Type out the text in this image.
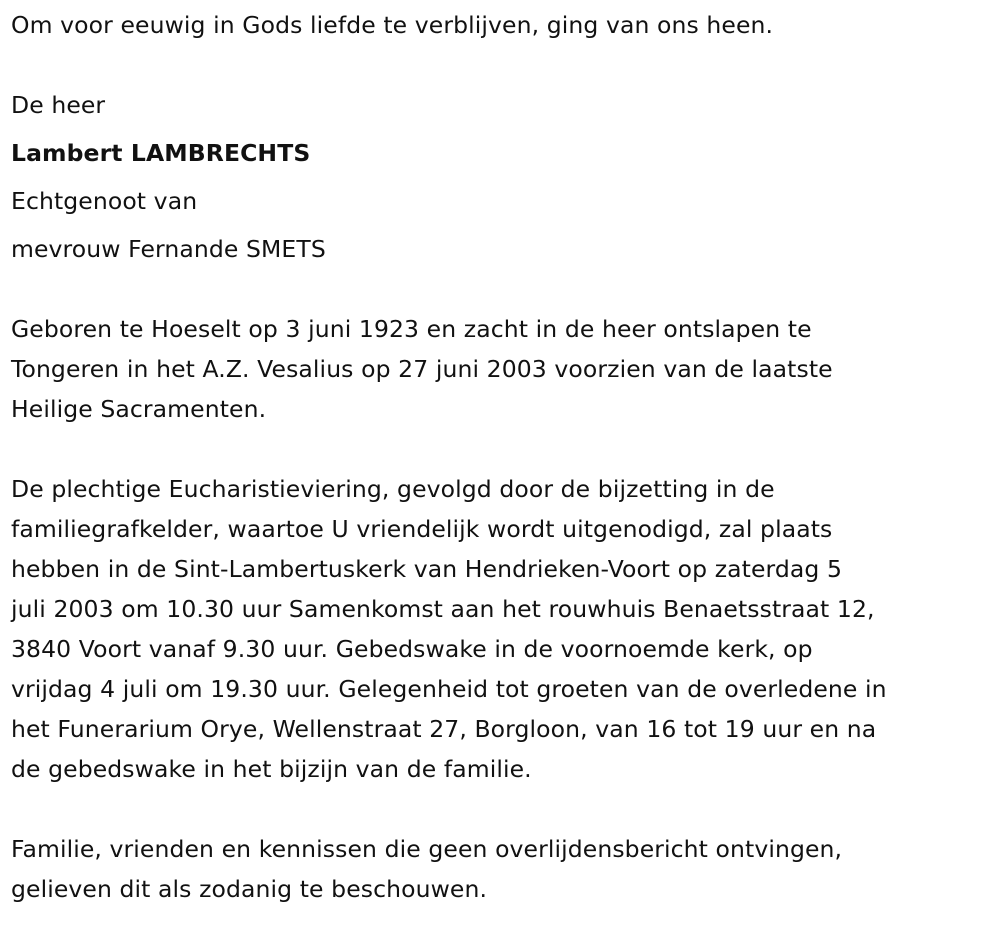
Om voor eeuwig in Gods liefde te verblijven, ging van ons heen.

De heer

Lambert LAMBRECHTS

Echtgenoot van

mevrouw Fernande SMETS

Geboren te Hoeselt op 3 juni 1923 en zacht in de heer ontslapen te

Tongeren in het A.Z. Vesalius op 27 juni 2003 voorzien van de laatste

Heilige Sacramenten.

De plechtige Eucharistieviering, gevolgd door de bijzetting in de

familiegrafkelder, waartoe U vriendelijk wordt uitgenodigd, zal plaats

hebben in de Sint-Lambertuskerk van Hendrieken-Voort op zaterdag 5

juli 2003 om 10.30 uur Samenkomst aan het rouwhuis Benaetsstraat 12,

3840 Voort vanaf 9.30 uur. Gebedswake in de voornoemde kerk, op

vrijdag 4 juli om 19.30 uur. Gelegenheid tot groeten van de overledene in

het Funerarium Orye, Wellenstraat 27, Borgloon, van 16 tot 19 uur en na

de gebedswake in het bijzijn van de familie.

Familie, vrienden en kennissen die geen overlijdensbericht ontvingen,

gelieven dit als zodanig te beschouwen.
